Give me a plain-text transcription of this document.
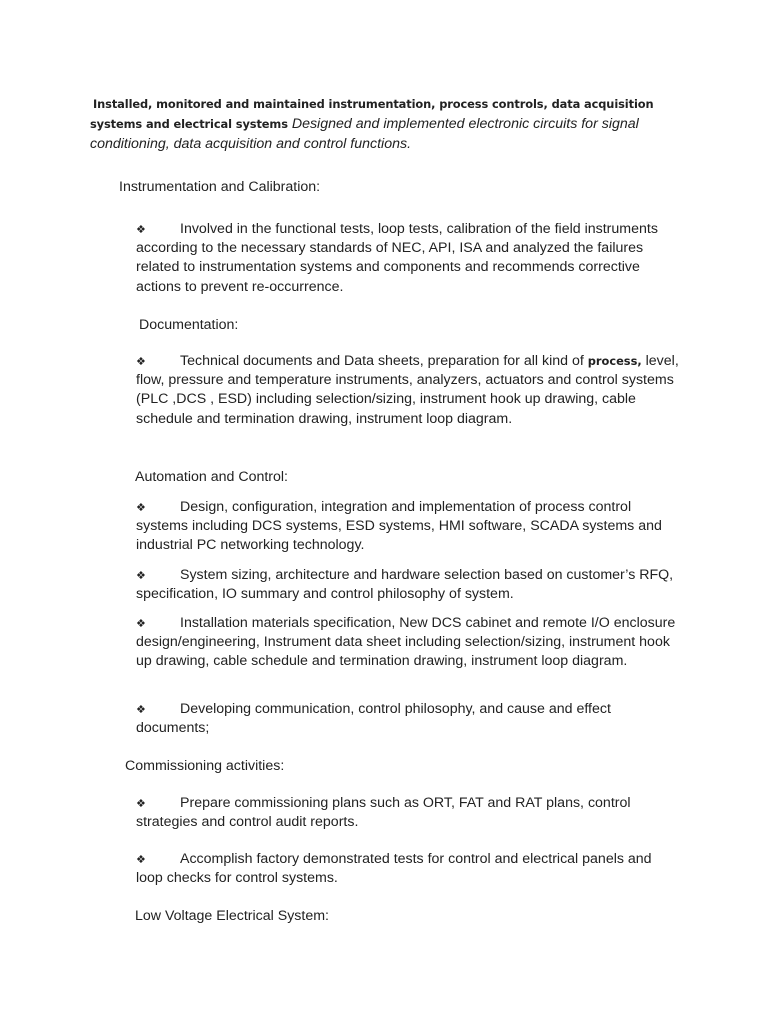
Installed, monitored and maintained instrumentation, process controls, data acquisition
systems and electrical systems Designed and implemented electronic circuits for signal conditioning, data acquisition and control functions.
Instrumentation and Calibration:
❖ Involved in the functional tests, loop tests, calibration of the field instruments according to the necessary standards of NEC, API, ISA and analyzed the failures related to instrumentation systems and components and recommends corrective actions to prevent re-occurrence.
Documentation:
❖ Technical documents and Data sheets, preparation for all kind of process, level, flow, pressure and temperature instruments, analyzers, actuators and control systems (PLC ,DCS , ESD) including selection/sizing, instrument hook up drawing, cable schedule and termination drawing, instrument loop diagram.
Automation and Control:
❖ Design, configuration, integration and implementation of process control systems including DCS systems, ESD systems, HMI software, SCADA systems and industrial PC networking technology.
❖ System sizing, architecture and hardware selection based on customer’s RFQ, specification, IO summary and control philosophy of system.
❖ Installation materials specification, New DCS cabinet and remote I/O enclosure design/engineering, Instrument data sheet including selection/sizing, instrument hook up drawing, cable schedule and termination drawing, instrument loop diagram.
❖ Developing communication, control philosophy, and cause and effect documents;
Commissioning activities:
❖ Prepare commissioning plans such as ORT, FAT and RAT plans, control strategies and control audit reports.
❖ Accomplish factory demonstrated tests for control and electrical panels and loop checks for control systems.
Low Voltage Electrical System:
